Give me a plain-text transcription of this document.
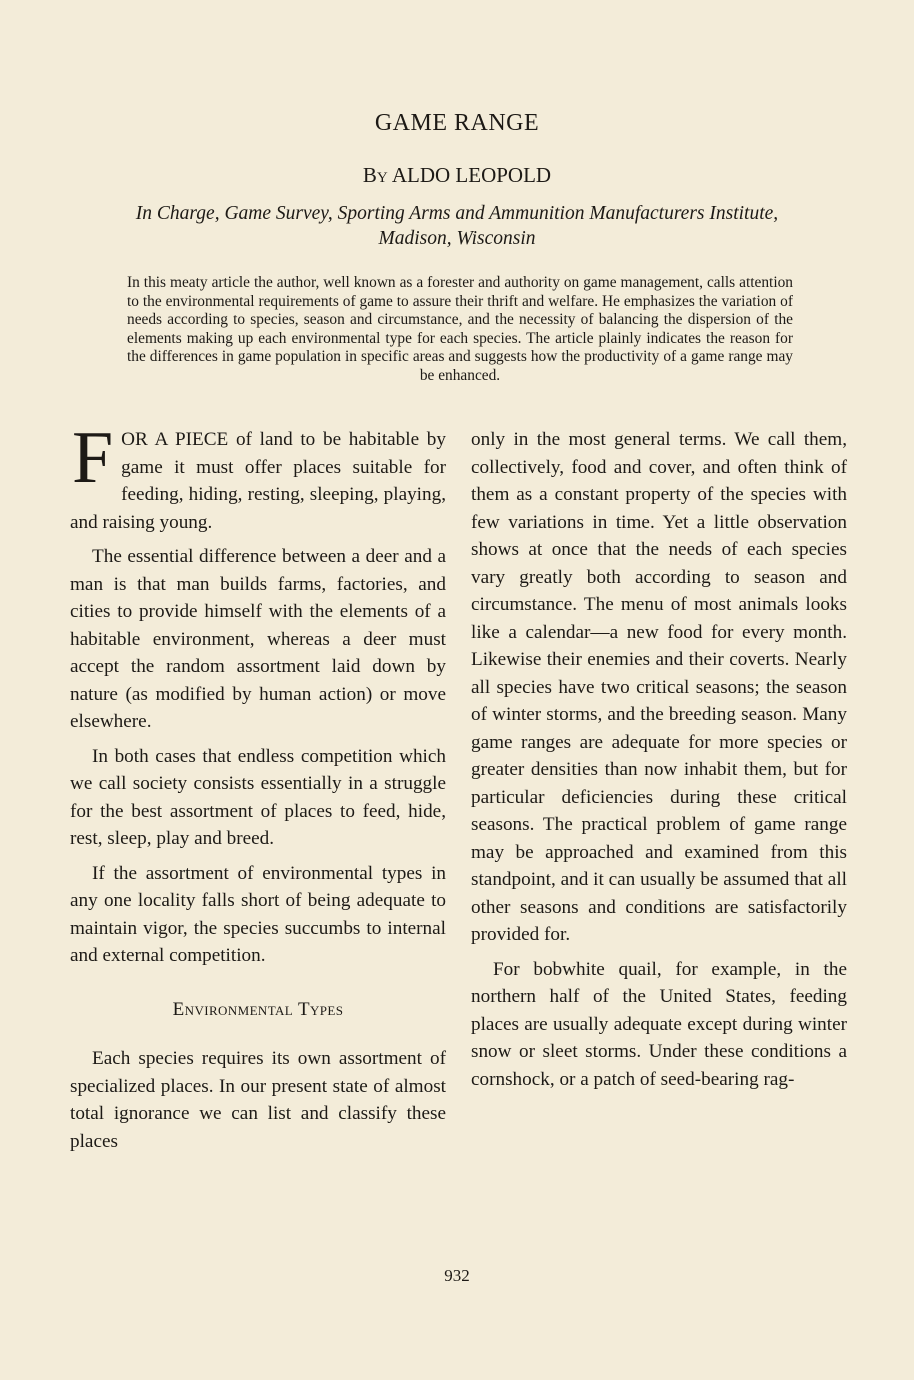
GAME RANGE
By ALDO LEOPOLD
In Charge, Game Survey, Sporting Arms and Ammunition Manufacturers Institute,
Madison, Wisconsin
In this meaty article the author, well known as a forester and authority on game management, calls attention to the environmental requirements of game to assure their thrift and welfare. He emphasizes the variation of needs according to species, season and circumstance, and the necessity of balancing the dispersion of the elements making up each environmental type for each species. The article plainly indicates the reason for the differences in game population in specific areas and suggests how the productivity of a game range may be enhanced.

FOR A PIECE of land to be habitable by game it must offer places suitable for feeding, hiding, resting, sleeping, playing, and raising young.

The essential difference between a deer and a man is that man builds farms, factories, and cities to provide himself with the elements of a habitable environment, whereas a deer must accept the random assortment laid down by nature (as modified by human action) or move elsewhere.

In both cases that endless competition which we call society consists essentially in a struggle for the best assortment of places to feed, hide, rest, sleep, play and breed.

If the assortment of environmental types in any one locality falls short of being adequate to maintain vigor, the species succumbs to internal and external competition.

Environmental Types

Each species requires its own assortment of specialized places. In our present state of almost total ignorance we can list and classify these places

only in the most general terms. We call them, collectively, food and cover, and often think of them as a constant property of the species with few variations in time. Yet a little observation shows at once that the needs of each species vary greatly both according to season and circumstance. The menu of most animals looks like a calendar—a new food for every month. Likewise their enemies and their coverts. Nearly all species have two critical seasons; the season of winter storms, and the breeding season. Many game ranges are adequate for more species or greater densities than now inhabit them, but for particular deficiencies during these critical seasons. The practical problem of game range may be approached and examined from this standpoint, and it can usually be assumed that all other seasons and conditions are satisfactorily provided for.

For bobwhite quail, for example, in the northern half of the United States, feeding places are usually adequate except during winter snow or sleet storms. Under these conditions a cornshock, or a patch of seed-bearing rag-

932
